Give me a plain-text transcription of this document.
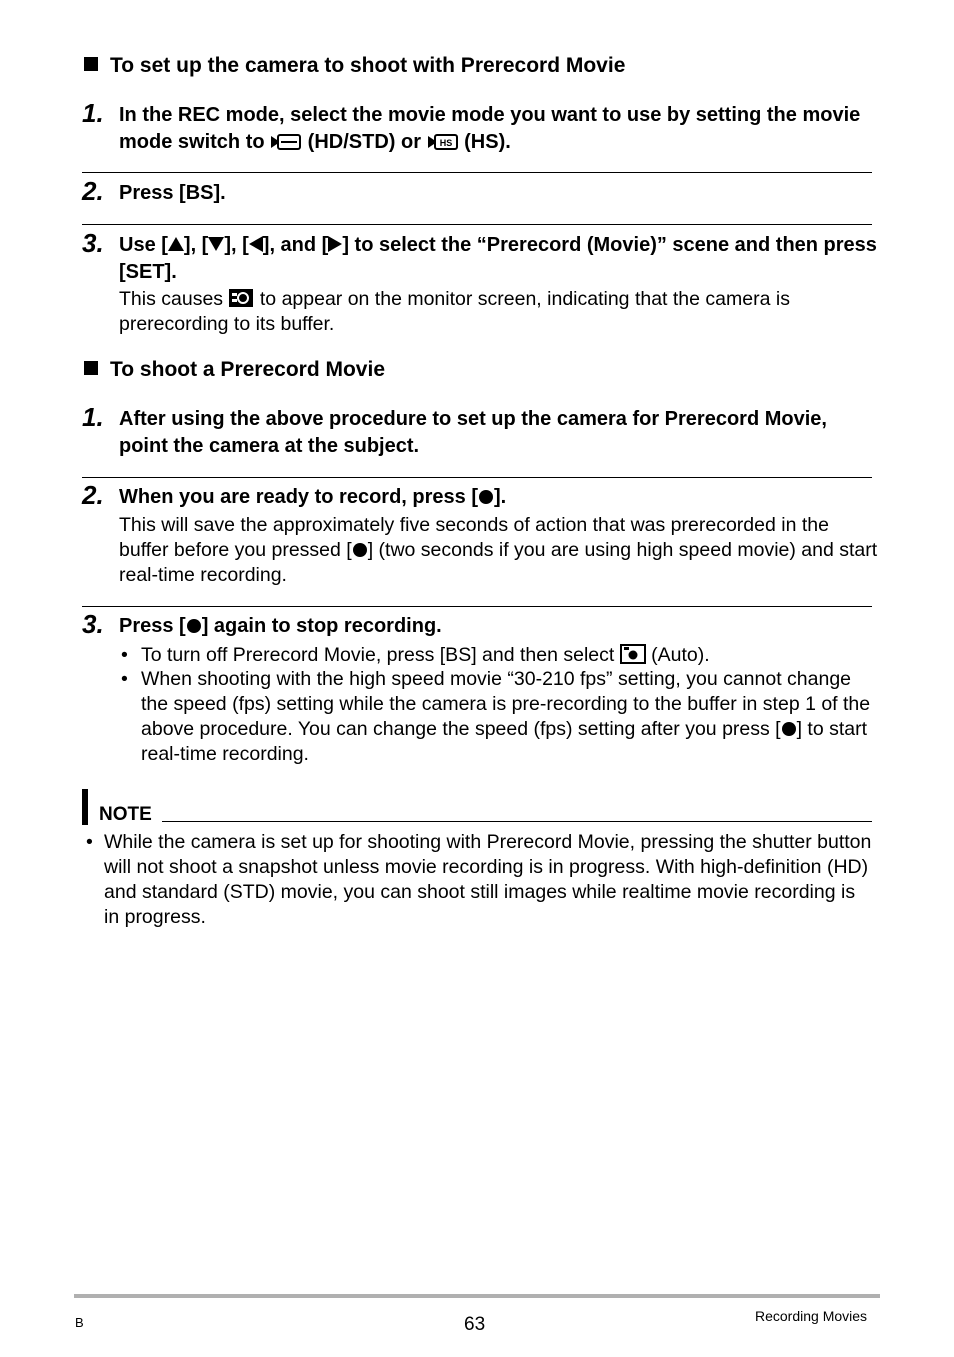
To set up the camera to shoot with Prerecord Movie
1. In the REC mode, select the movie mode you want to use by setting the movie mode switch to  (HD/STD) or HS (HS).
2. Press [BS].
3. Use [ ], [ ], [ ], and [ ] to select the “Prerecord (Movie)” scene and then press [SET].
This causes  to appear on the monitor screen, indicating that the camera is prerecording to its buffer.
To shoot a Prerecord Movie
1. After using the above procedure to set up the camera for Prerecord Movie, point the camera at the subject.
2. When you are ready to record, press [ ].
This will save the approximately five seconds of action that was prerecorded in the buffer before you pressed [ ] (two seconds if you are using high speed movie) and start real-time recording.
3. Press [ ] again to stop recording.
• To turn off Prerecord Movie, press [BS] and then select  (Auto).
• When shooting with the high speed movie “30-210 fps” setting, you cannot change the speed (fps) setting while the camera is pre-recording to the buffer in step 1 of the above procedure. You can change the speed (fps) setting after you press [ ] to start real-time recording.
NOTE
• While the camera is set up for shooting with Prerecord Movie, pressing the shutter button will not shoot a snapshot unless movie recording is in progress. With high-definition (HD) and standard (STD) movie, you can shoot still images while realtime movie recording is in progress.
B	63	Recording Movies
